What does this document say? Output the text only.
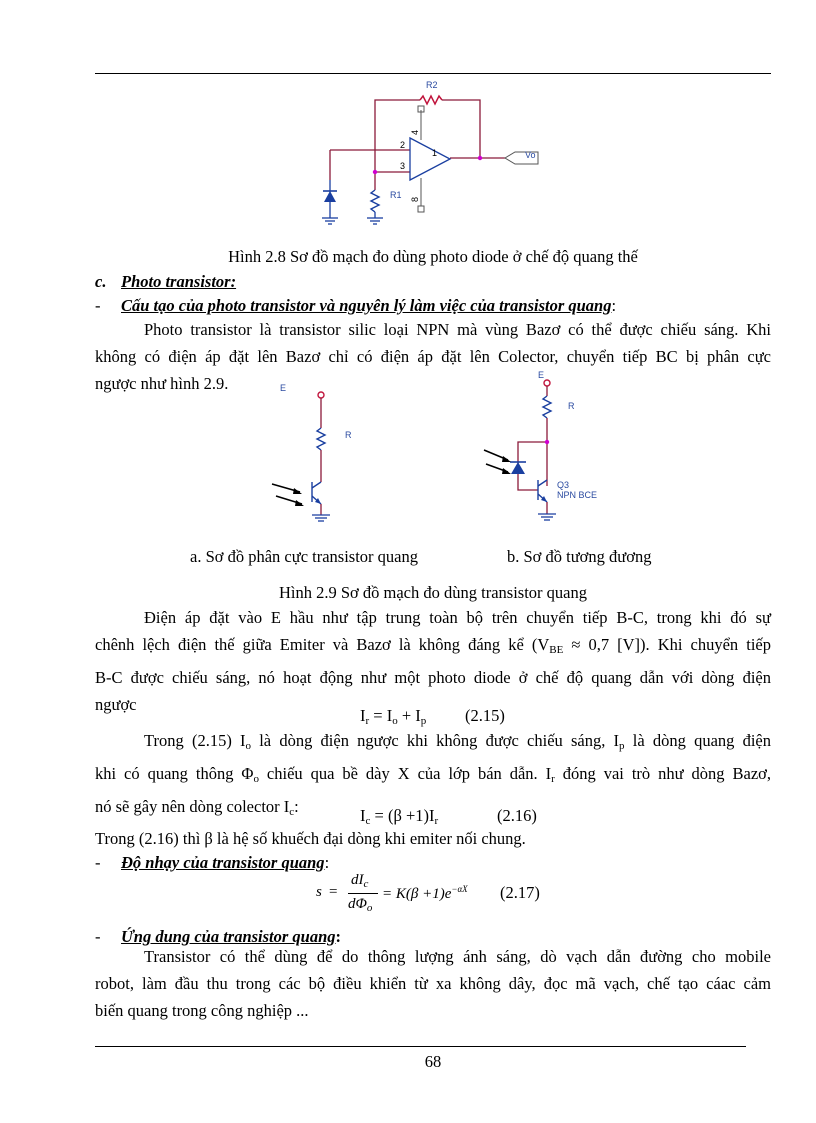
R2
R1
Vo
2
3
1
4
8
Hình 2.8 Sơ đồ mạch đo dùng photo diode ở chế độ quang thế
c. Photo transistor:
- Cấu tạo của photo transistor và nguyên lý làm việc của transistor quang:
Photo transistor là transistor silic loại NPN mà vùng Bazơ có thể được chiếu sáng. Khi
không có điện áp đặt lên Bazơ chỉ có điện áp đặt lên Colector, chuyển tiếp BC bị phân cực
ngược như hình 2.9.	E
R
E
R
Q3
NPN BCE
a. Sơ đồ phân cực transistor quang	b. Sơ đồ tương đương
Hình 2.9 Sơ đồ mạch đo dùng transistor quang
Điện áp đặt vào E hầu như tập trung toàn bộ trên chuyển tiếp B-C, trong khi đó sự
chênh lệch điện thế giữa Emiter và Bazơ là không đáng kể ($V_{BE} \approx 0,7$ [V]). Khi chuyển tiếp
B-C được chiếu sáng, nó hoạt động như một photo diode ở chế độ quang dẫn với dòng điện
ngược
$I_r = I_o + I_p$ (2.15)
Trong (2.15) $I_o$ là dòng điện ngược khi không được chiếu sáng, $I_p$ là dòng quang điện
khi có quang thông $\Phi_o$ chiếu qua bề dày X của lớp bán dẫn. $I_r$ đóng vai trò như dòng Bazơ,
nó sẽ gây nên dòng colector $I_c$:	$I_c = (\beta +1)I_r$	(2.16)
Trong (2.16) thì β là hệ số khuếch đại dòng khi emiter nối chung.
- Độ nhạy của transistor quang:
s =
$dI_c$
$d\Phi_o$
= $K(\beta +1)e^{-\alpha X}$ (2.17)
- Ứng dung của transistor quang:
Transistor có thể dùng để do thông lượng ánh sáng, dò vạch dẫn đường cho mobile
robot, làm đầu thu trong các bộ điều khiển từ xa không dây, đọc mã vạch, chế tạo cáac cảm
biến quang trong công nghiệp ...
68
